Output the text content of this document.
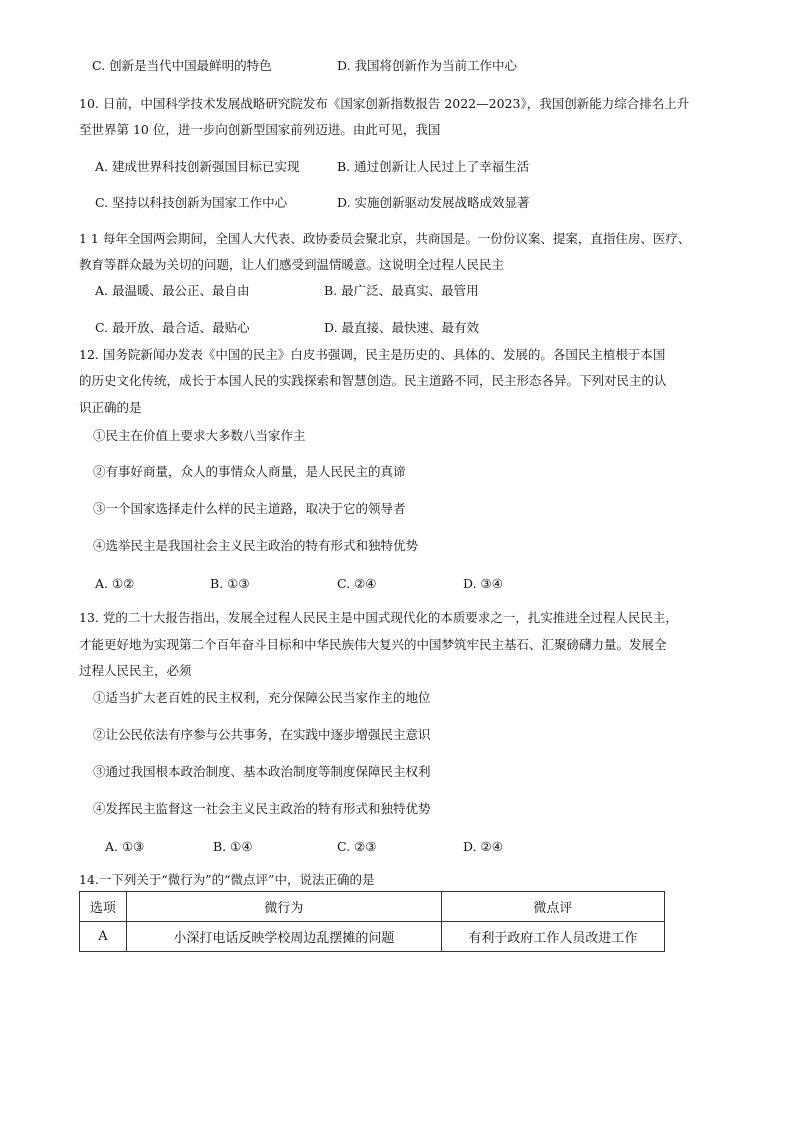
C. 创新是当代中国最鲜明的特色	D. 我国将创新作为当前工作中心
10. 日前，中国科学技术发展战略研究院发布《国家创新指数报告 2022—2023》，我国创新能力综合排名上升
至世界第 10 位，进一步向创新型国家前列迈进。由此可见，我国
A. 建成世界科技创新强国目标已实现	B. 通过创新让人民过上了幸福生活
C. 坚持以科技创新为国家工作中心	D. 实施创新驱动发展战略成效显著
1 1 每年全国两会期间，全国人大代表、政协委员会聚北京，共商国是。一份份议案、提案，直指住房、医疗、
教育等群众最为关切的问题，让人们感受到温情暖意。这说明全过程人民民主
A. 最温暖、最公正、最自由	B. 最广泛、最真实、最管用
C. 最开放、最合适、最贴心	D. 最直接、最快速、最有效
12. 国务院新闻办发表《中国的民主》白皮书强调，民主是历史的、具体的、发展的。各国民主植根于本国
的历史文化传统，成长于本国人民的实践探索和智慧创造。民主道路不同，民主形态各异。下列对民主的认
识正确的是
①民主在价值上要求大多数八当家作主
②有事好商量，众人的事情众人商量，是人民民主的真谛
③一个国家选择走什么样的民主道路，取决于它的领导者
④选举民主是我国社会主义民主政治的特有形式和独特优势
A. ①②	B. ①③	C. ②④	D. ③④
13. 党的二十大报告指出，发展全过程人民民主是中国式现代化的本质要求之一，扎实推进全过程人民民主，
才能更好地为实现第二个百年奋斗目标和中华民族伟大复兴的中国梦筑牢民主基石、汇聚磅礴力量。发展全
过程人民民主，必须
①适当扩大老百姓的民主权利，充分保障公民当家作主的地位
②让公民依法有序参与公共事务，在实践中逐步增强民主意识
③通过我国根本政治制度、基本政治制度等制度保障民主权利
④发挥民主监督这一社会主义民主政治的特有形式和独特优势
A. ①③	B. ①④	C. ②③	D. ②④
14.一下列关于“微行为”的“微点评”中，说法正确的是
选项	微行为	微点评
A	小深打电话反映学校周边乱摆摊的问题	有利于政府工作人员改进工作
